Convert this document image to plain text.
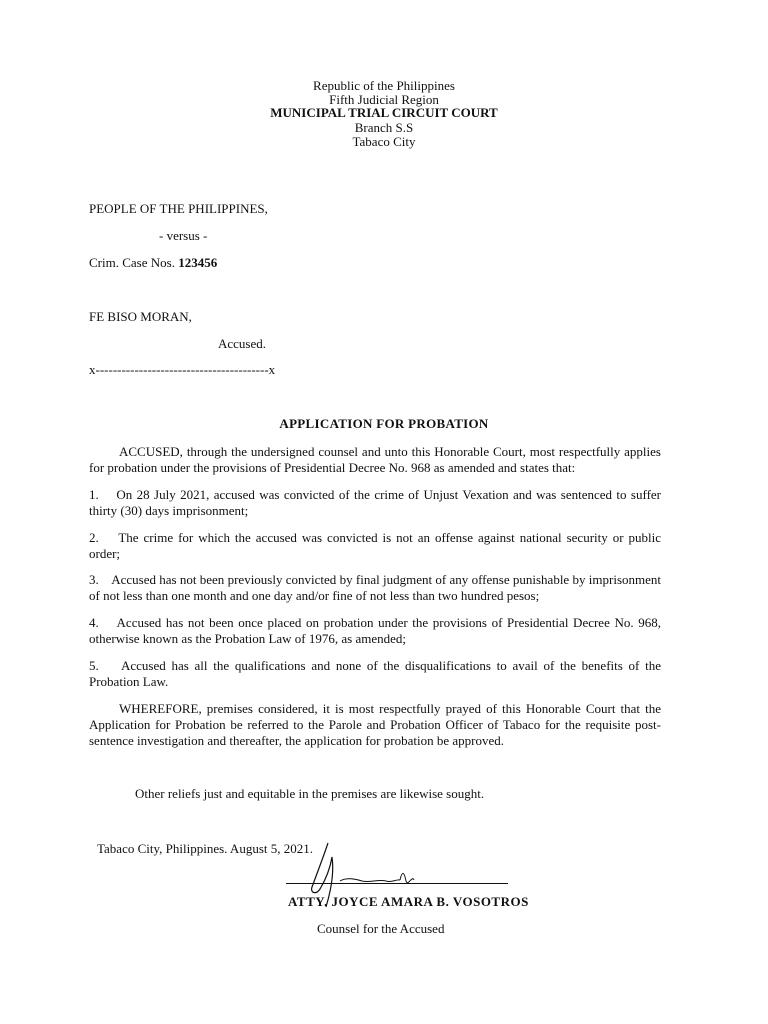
Republic of the Philippines
Fifth Judicial Region
MUNICIPAL TRIAL CIRCUIT COURT
Branch S.S
Tabaco City
PEOPLE OF THE PHILIPPINES,
- versus -
Crim. Case Nos. 123456
FE BISO MORAN,
Accused.
x----------------------------------------x
APPLICATION FOR PROBATION
ACCUSED, through the undersigned counsel and unto this Honorable Court, most respectfully applies for probation under the provisions of Presidential Decree No. 968 as amended and states that:
1. On 28 July 2021, accused was convicted of the crime of Unjust Vexation and was sentenced to suffer thirty (30) days imprisonment;
2. The crime for which the accused was convicted is not an offense against national security or public order;
3. Accused has not been previously convicted by final judgment of any offense punishable by imprisonment of not less than one month and one day and/or fine of not less than two hundred pesos;
4. Accused has not been once placed on probation under the provisions of Presidential Decree No. 968, otherwise known as the Probation Law of 1976, as amended;
5. Accused has all the qualifications and none of the disqualifications to avail of the benefits of the Probation Law.
WHEREFORE, premises considered, it is most respectfully prayed of this Honorable Court that the Application for Probation be referred to the Parole and Probation Officer of Tabaco for the requisite post-sentence investigation and thereafter, the application for probation be approved.
Other reliefs just and equitable in the premises are likewise sought.
Tabaco City, Philippines. August 5, 2021.
ATTY. JOYCE AMARA B. VOSOTROS
Counsel for the Accused
